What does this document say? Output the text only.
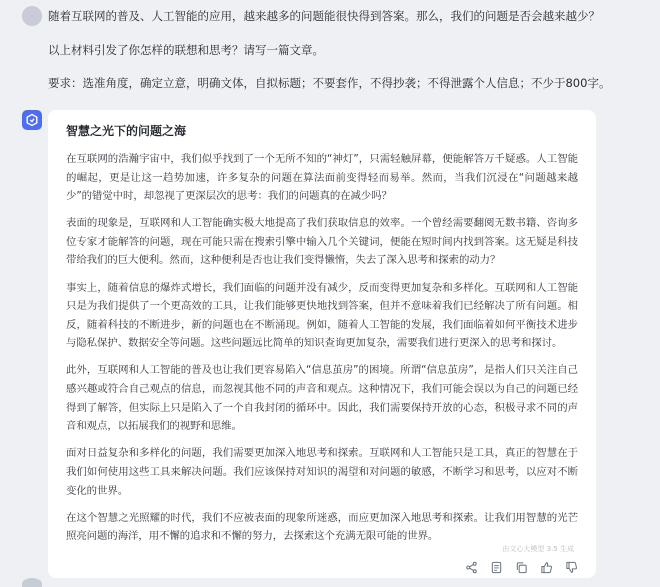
随着互联网的普及、人工智能的应用，越来越多的问题能很快得到答案。那么，我们的问题是否会越来越少？
以上材料引发了你怎样的联想和思考？请写一篇文章。
要求：选准角度，确定立意，明确文体，自拟标题；不要套作，不得抄袭；不得泄露个人信息；不少于800字。
智慧之光下的问题之海

在互联网的浩瀚宇宙中，我们似乎找到了一个无所不知的“神灯”，只需轻触屏幕，便能解答万千疑惑。人工智能的崛起，更是让这一趋势加速，许多复杂的问题在算法面前变得轻而易举。然而，当我们沉浸在“问题越来越少”的错觉中时，却忽视了更深层次的思考：我们的问题真的在减少吗？

表面的现象是，互联网和人工智能确实极大地提高了我们获取信息的效率。一个曾经需要翻阅无数书籍、咨询多位专家才能解答的问题，现在可能只需在搜索引擎中输入几个关键词，便能在短时间内找到答案。这无疑是科技带给我们的巨大便利。然而，这种便利是否也让我们变得懒惰，失去了深入思考和探索的动力？

事实上，随着信息的爆炸式增长，我们面临的问题并没有减少，反而变得更加复杂和多样化。互联网和人工智能只是为我们提供了一个更高效的工具，让我们能够更快地找到答案，但并不意味着我们已经解决了所有问题。相反，随着科技的不断进步，新的问题也在不断涌现。例如，随着人工智能的发展，我们面临着如何平衡技术进步与隐私保护、数据安全等问题。这些问题远比简单的知识查询更加复杂，需要我们进行更深入的思考和探讨。

此外，互联网和人工智能的普及也让我们更容易陷入“信息茧房”的困境。所谓“信息茧房”，是指人们只关注自己感兴趣或符合自己观点的信息，而忽视其他不同的声音和观点。这种情况下，我们可能会误以为自己的问题已经得到了解答，但实际上只是陷入了一个自我封闭的循环中。因此，我们需要保持开放的心态，积极寻求不同的声音和观点，以拓展我们的视野和思维。

面对日益复杂和多样化的问题，我们需要更加深入地思考和探索。互联网和人工智能只是工具，真正的智慧在于我们如何使用这些工具来解决问题。我们应该保持对知识的渴望和对问题的敏感，不断学习和思考，以应对不断变化的世界。

在这个智慧之光照耀的时代，我们不应被表面的现象所迷惑，而应更加深入地思考和探索。让我们用智慧的光芒照亮问题的海洋，用不懈的追求和不懈的努力，去探索这个充满无限可能的世界。

由文心大模型 3.5 生成
